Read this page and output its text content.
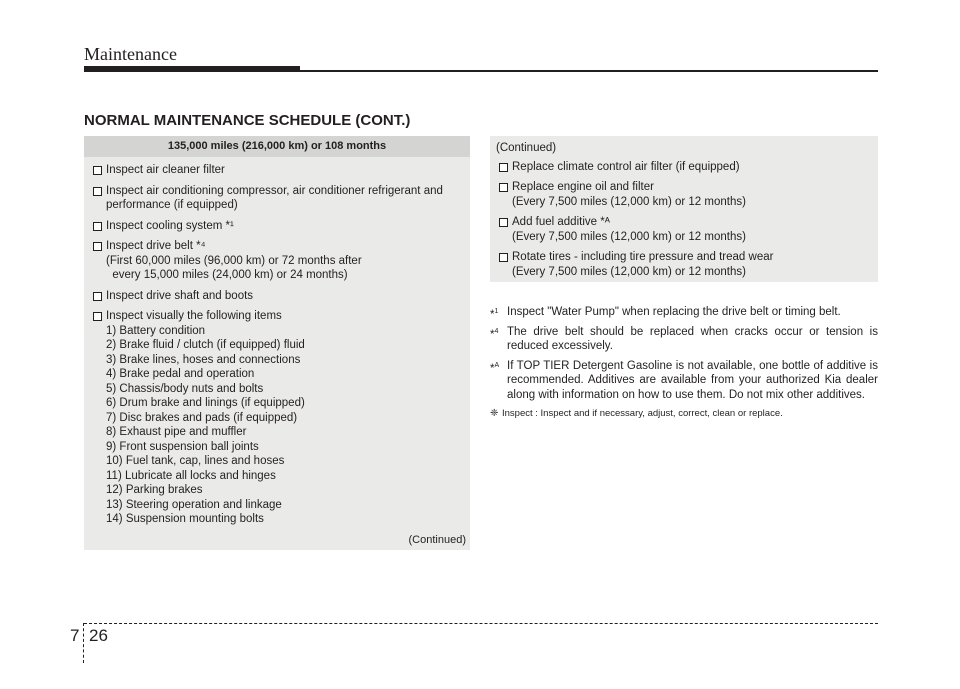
Maintenance
NORMAL MAINTENANCE SCHEDULE (CONT.)
135,000 miles (216,000 km) or 108 months
Inspect air cleaner filter
Inspect air conditioning compressor, air conditioner refrigerant and performance (if equipped)
Inspect cooling system *¹
Inspect drive belt *⁴
(First 60,000 miles (96,000 km) or 72 months after
every 15,000 miles (24,000 km) or 24 months)
Inspect drive shaft and boots
Inspect visually the following items
1) Battery condition
2) Brake fluid / clutch (if equipped) fluid
3) Brake lines, hoses and connections
4) Brake pedal and operation
5) Chassis/body nuts and bolts
6) Drum brake and linings (if equipped)
7) Disc brakes and pads (if equipped)
8) Exhaust pipe and muffler
9) Front suspension ball joints
10) Fuel tank, cap, lines and hoses
11) Lubricate all locks and hinges
12) Parking brakes
13) Steering operation and linkage
14) Suspension mounting bolts
(Continued)
(Continued)
Replace climate control air filter (if equipped)
Replace engine oil and filter
(Every 7,500 miles (12,000 km) or 12 months)
Add fuel additive *ᴬ
(Every 7,500 miles (12,000 km) or 12 months)
Rotate tires - including tire pressure and tread wear
(Every 7,500 miles (12,000 km) or 12 months)
*$^1$ Inspect "Water Pump" when replacing the drive belt or timing belt.
*$^4$ The drive belt should be replaced when cracks occur or tension is reduced excessively.
*$^A$ If TOP TIER Detergent Gasoline is not available, one bottle of additive is recommended. Additives are available from your authorized Kia dealer along with information on how to use them. Do not mix other additives.
❈ Inspect : Inspect and if necessary, adjust, correct, clean or replace.
7 26
